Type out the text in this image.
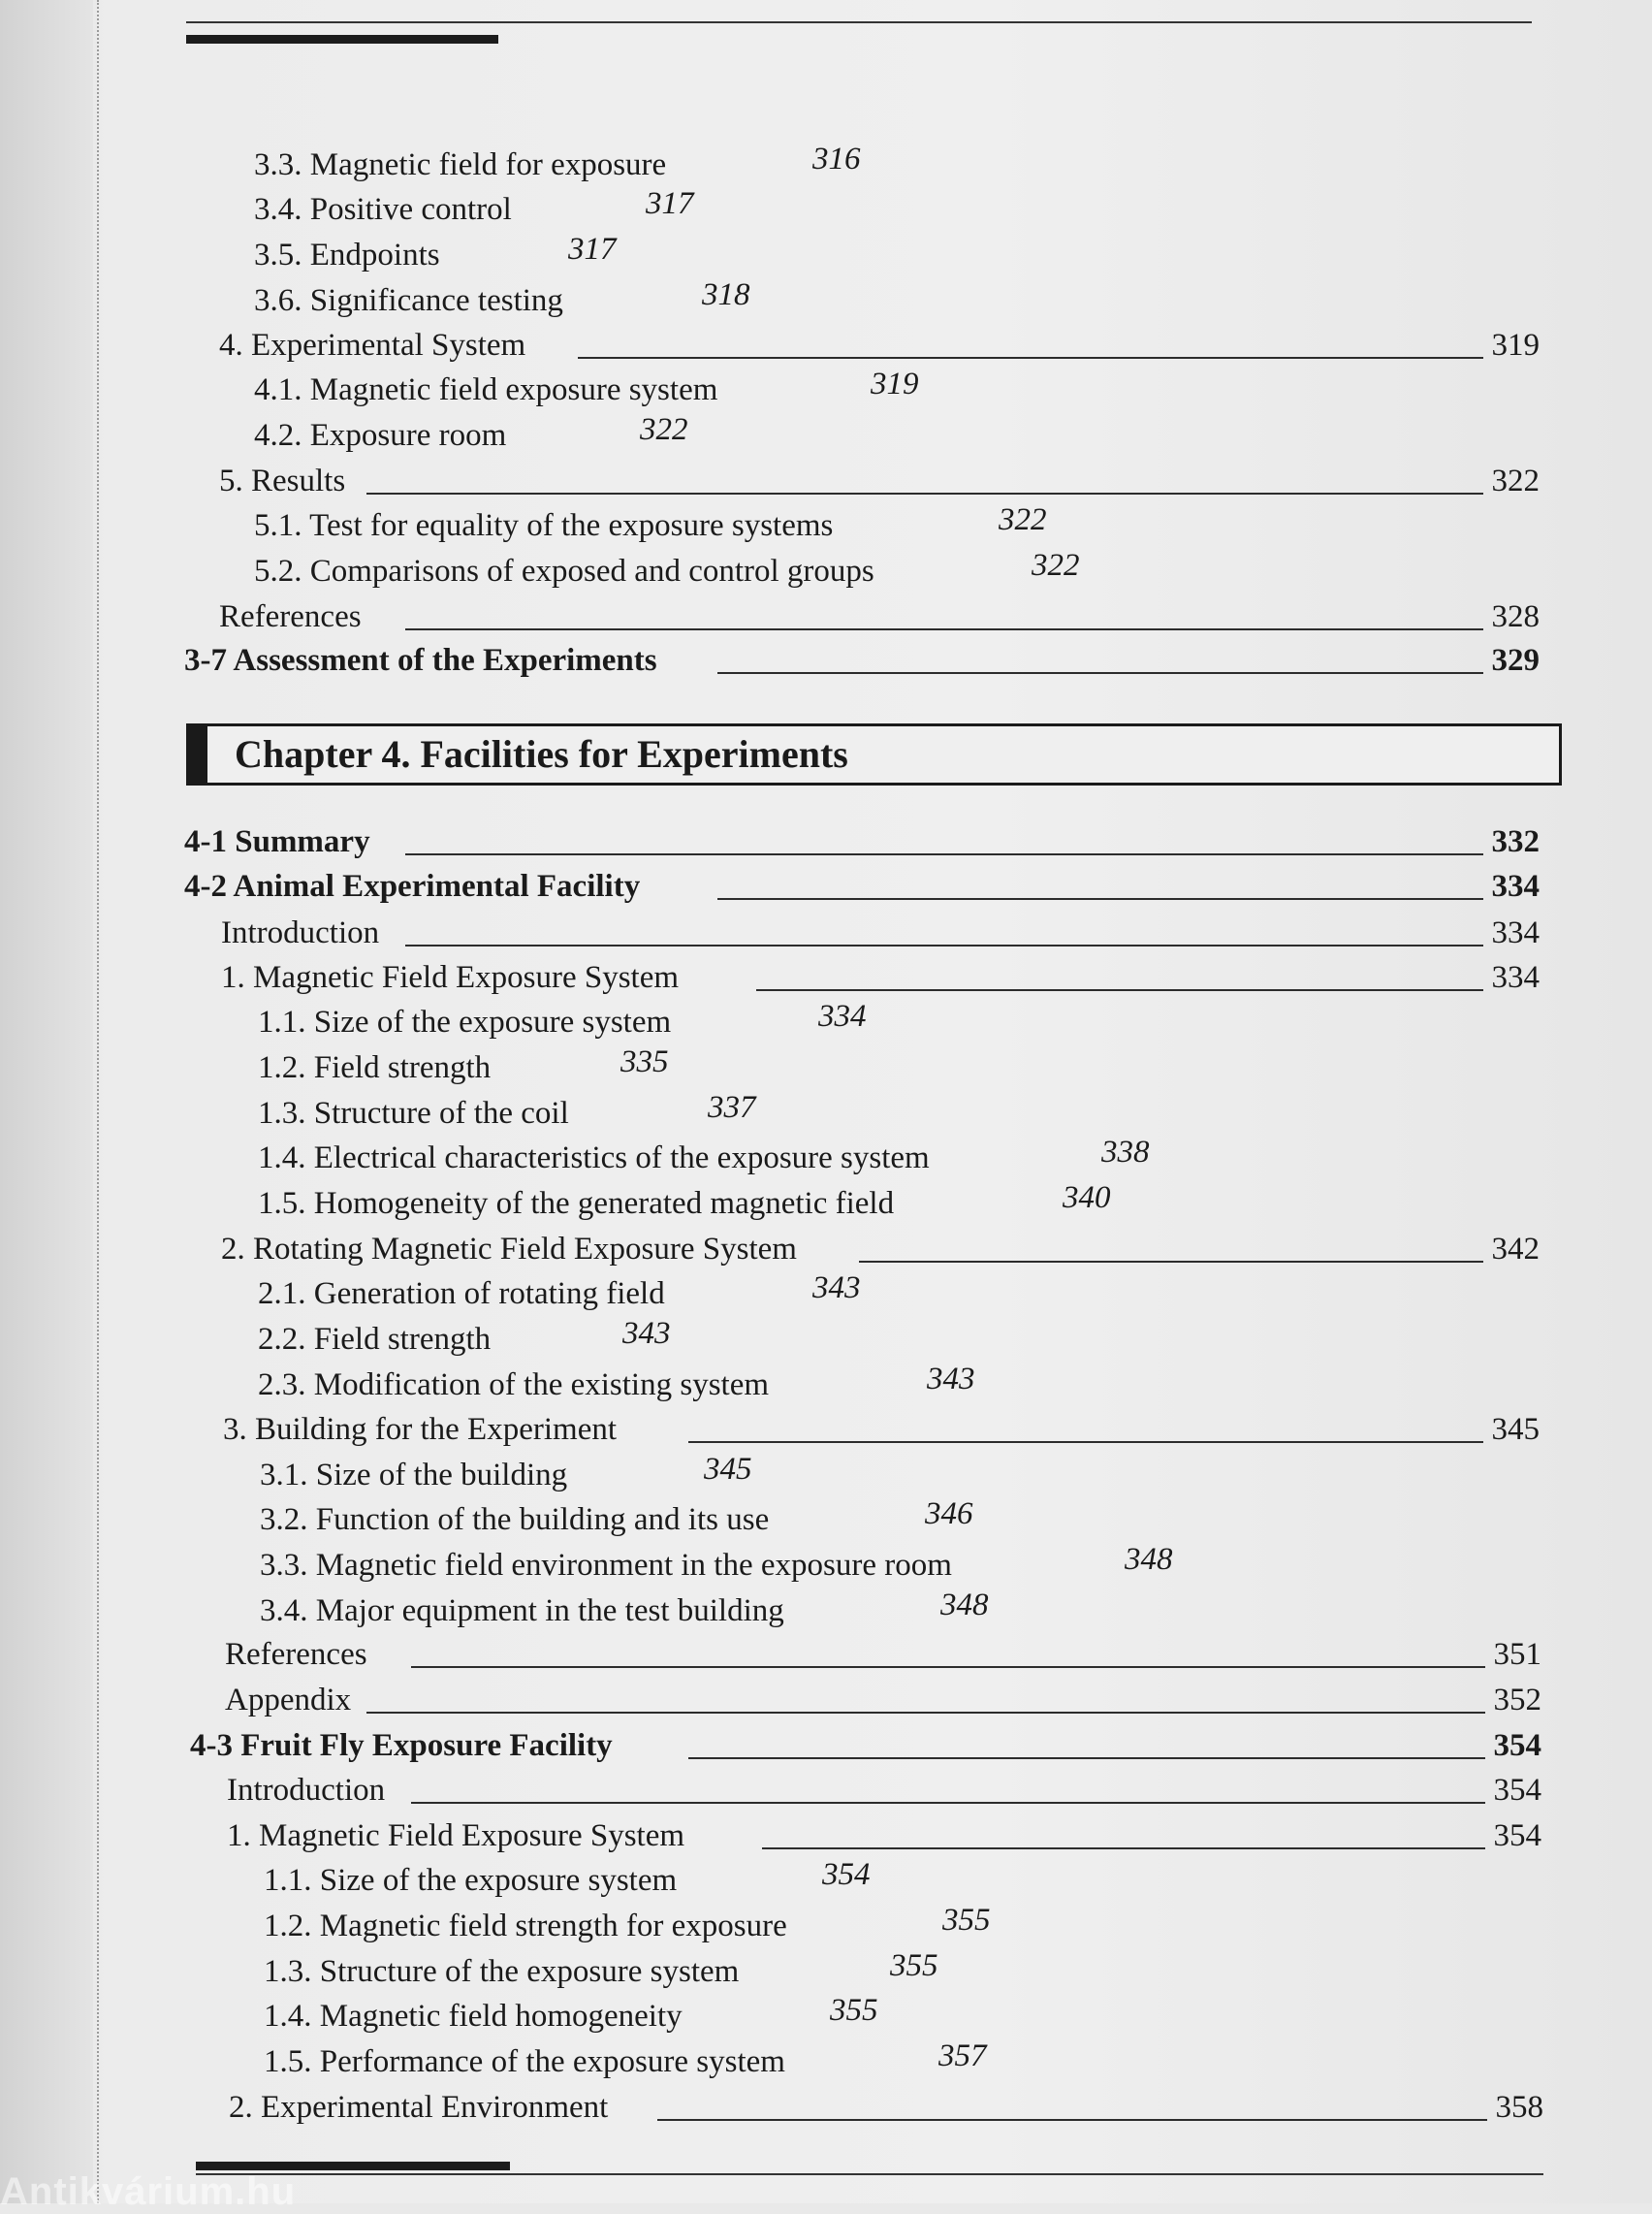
3.3. Magnetic field for exposure	316
3.4. Positive control	317
3.5. Endpoints	317
3.6. Significance testing	318
4. Experimental System	319
4.1. Magnetic field exposure system	319
4.2. Exposure room	322
5. Results	322
5.1. Test for equality of the exposure systems	322
5.2. Comparisons of exposed and control groups	322
References	328
3-7 Assessment of the Experiments	329
Chapter 4. Facilities for Experiments
4-1 Summary	332
4-2 Animal Experimental Facility	334
Introduction	334
1. Magnetic Field Exposure System	334
1.1. Size of the exposure system	334
1.2. Field strength	335
1.3. Structure of the coil	337
1.4. Electrical characteristics of the exposure system	338
1.5. Homogeneity of the generated magnetic field	340
2. Rotating Magnetic Field Exposure System	342
2.1. Generation of rotating field	343
2.2. Field strength	343
2.3. Modification of the existing system	343
3. Building for the Experiment	345
3.1. Size of the building	345
3.2. Function of the building and its use	346
3.3. Magnetic field environment in the exposure room	348
3.4. Major equipment in the test building	348
References	351
Appendix	352
4-3 Fruit Fly Exposure Facility	354
Introduction	354
1. Magnetic Field Exposure System	354
1.1. Size of the exposure system	354
1.2. Magnetic field strength for exposure	355
1.3. Structure of the exposure system	355
1.4. Magnetic field homogeneity	355
1.5. Performance of the exposure system	357
2. Experimental Environment	358
Antikvárium.hu
